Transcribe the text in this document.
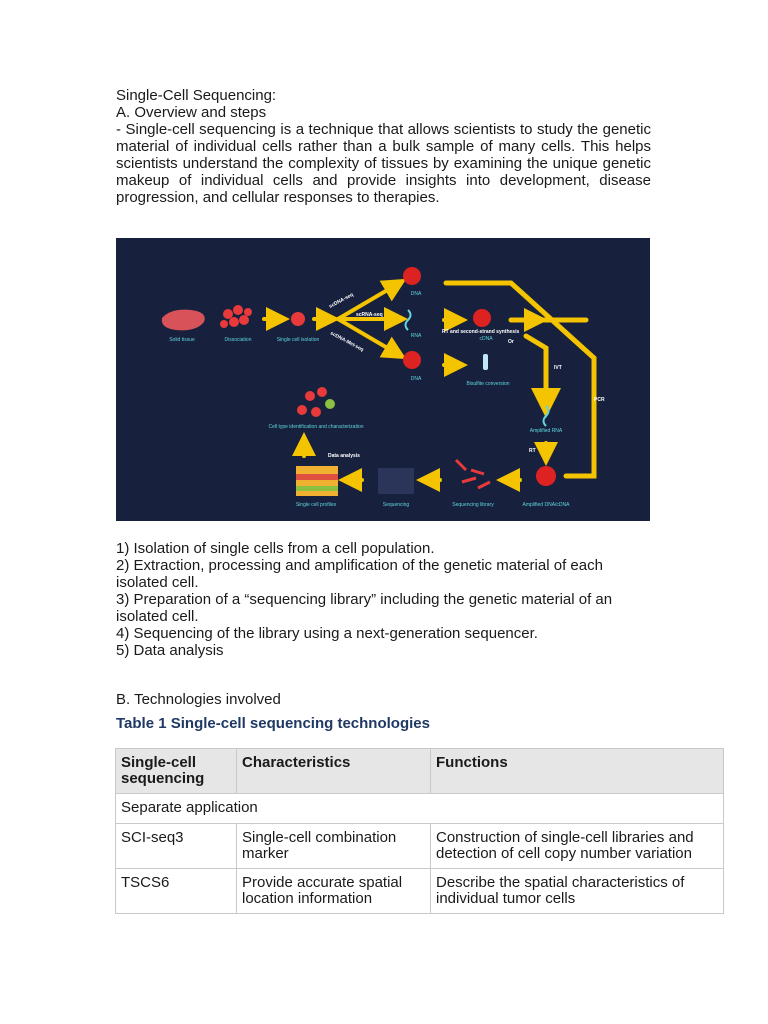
Single-Cell Sequencing:
A. Overview and steps
- Single-cell sequencing is a technique that allows scientists to study the genetic material of individual cells rather than a bulk sample of many cells. This helps scientists understand the complexity of tissues by examining the unique genetic makeup of individual cells and provide insights into development, disease progression, and cellular responses to therapies.
Solid tissue	Dissociation	Single cell isolation
DNA
RNA
DNA
cDNA
Bisulfite conversion
Amplified RNA
Amplified DNA/cDNA
Sequencing library
Sequencing
Single cell profiles
Cell type identification and characterization
scDNA-seq
scRNA-seq
scDNA-Met-seq	RT and second-strand synthesis
Or
IVT
PCR
RT
Data analysis
1) Isolation of single cells from a cell population.
2) Extraction, processing and amplification of the genetic material of each isolated cell.
3) Preparation of a “sequencing library” including the genetic material of an isolated cell.
4) Sequencing of the library using a next-generation sequencer.
5) Data analysis
B. Technologies involved
Table 1 Single-cell sequencing technologies
Single-cell sequencing	Characteristics	Functions
Separate application		
SCI-seq3	Single-cell combination marker	Construction of single-cell libraries and detection of cell copy number variation
TSCS6	Provide accurate spatial location information	Describe the spatial characteristics of individual tumor cells
